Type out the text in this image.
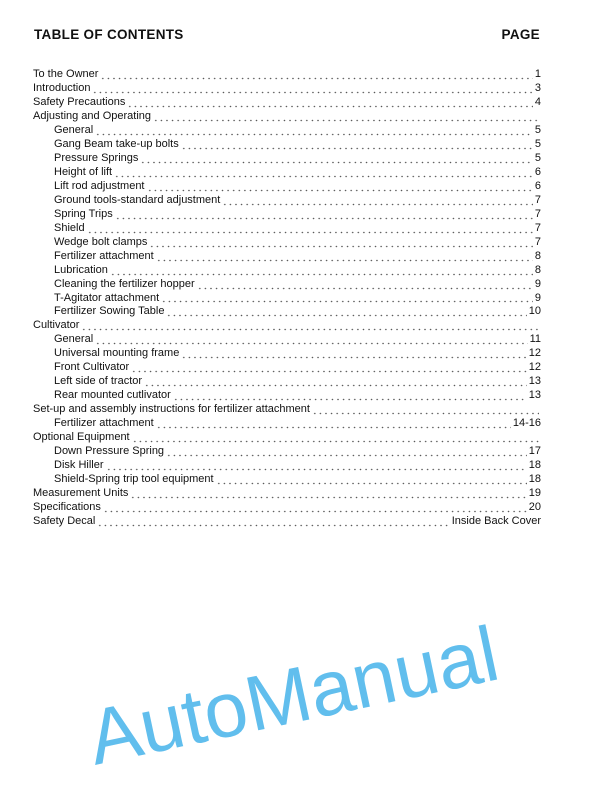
TABLE OF CONTENTS	PAGE
To the Owner	1
Introduction	3
Safety Precautions	4
Adjusting and Operating
General	5
Gang Beam take-up bolts	5
Pressure Springs	5
Height of lift	6
Lift rod adjustment	6
Ground tools-standard adjustment	7
Spring Trips	7
Shield	7
Wedge bolt clamps	7
Fertilizer attachment	8
Lubrication	8
Cleaning the fertilizer hopper	9
T-Agitator attachment	9
Fertilizer Sowing Table	10
Cultivator
General	11
Universal mounting frame	12
Front Cultivator	12
Left side of tractor	13
Rear mounted cutlivator	13
Set-up and assembly instructions for fertilizer attachment
Fertilizer attachment	14-16
Optional Equipment
Down Pressure Spring	17
Disk Hiller	18
Shield-Spring trip tool equipment	18
Measurement Units	19
Specifications	20
Safety Decal	Inside Back Cover
AutoManual
